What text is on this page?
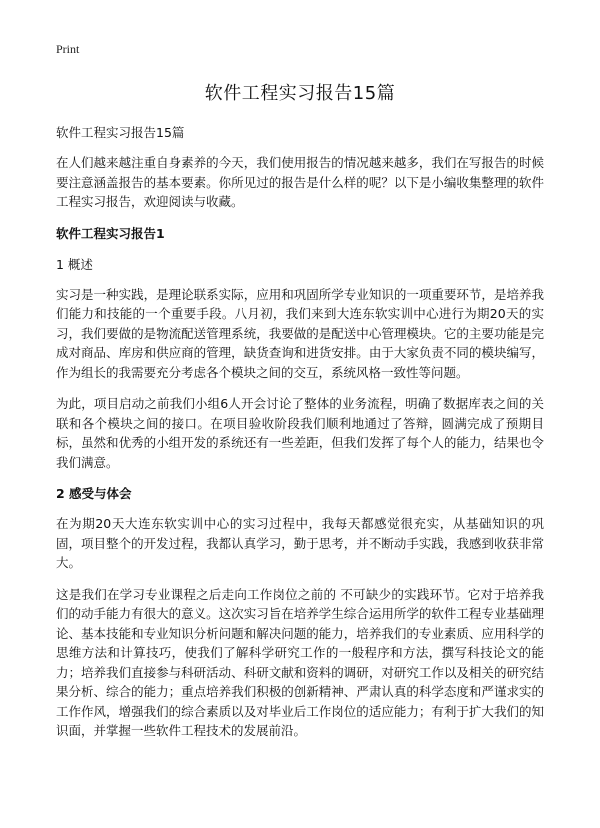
Print
软件工程实习报告15篇
软件工程实习报告15篇

在人们越来越注重自身素养的今天，我们使用报告的情况越来越多，我们在写报告的时候要注意涵盖报告的基本要素。你所见过的报告是什么样的呢？以下是小编收集整理的软件工程实习报告，欢迎阅读与收藏。

软件工程实习报告1
1 概述

实习是一种实践，是理论联系实际，应用和巩固所学专业知识的一项重要环节，是培养我们能力和技能的一个重要手段。八月初，我们来到大连东软实训中心进行为期20天的实习，我们要做的是物流配送管理系统，我要做的是配送中心管理模块。它的主要功能是完成对商品、库房和供应商的管理，缺货查询和进货安排。由于大家负责不同的模块编写，作为组长的我需要充分考虑各个模块之间的交互，系统风格一致性等问题。

为此，项目启动之前我们小组6人开会讨论了整体的业务流程，明确了数据库表之间的关联和各个模块之间的接口。在项目验收阶段我们顺利地通过了答辩，圆满完成了预期目标，虽然和优秀的小组开发的系统还有一些差距，但我们发挥了每个人的能力，结果也令我们满意。

2 感受与体会

在为期20天大连东软实训中心的实习过程中，我每天都感觉很充实，从基础知识的巩固，项目整个的开发过程，我都认真学习，勤于思考，并不断动手实践，我感到收获非常大。

这是我们在学习专业课程之后走向工作岗位之前的 不可缺少的实践环节。它对于培养我们的动手能力有很大的意义。这次实习旨在培养学生综合运用所学的软件工程专业基础理论、基本技能和专业知识分析问题和解决问题的能力，培养我们的专业素质、应用科学的思维方法和计算技巧，使我们了解科学研究工作的一般程序和方法，撰写科技论文的能力；培养我们直接参与科研活动、科研文献和资料的调研，对研究工作以及相关的研究结果分析、综合的能力；重点培养我们积极的创新精神、严肃认真的科学态度和严谨求实的工作作风，增强我们的综合素质以及对毕业后工作岗位的适应能力；有利于扩大我们的知识面，并掌握一些软件工程技术的发展前沿。
